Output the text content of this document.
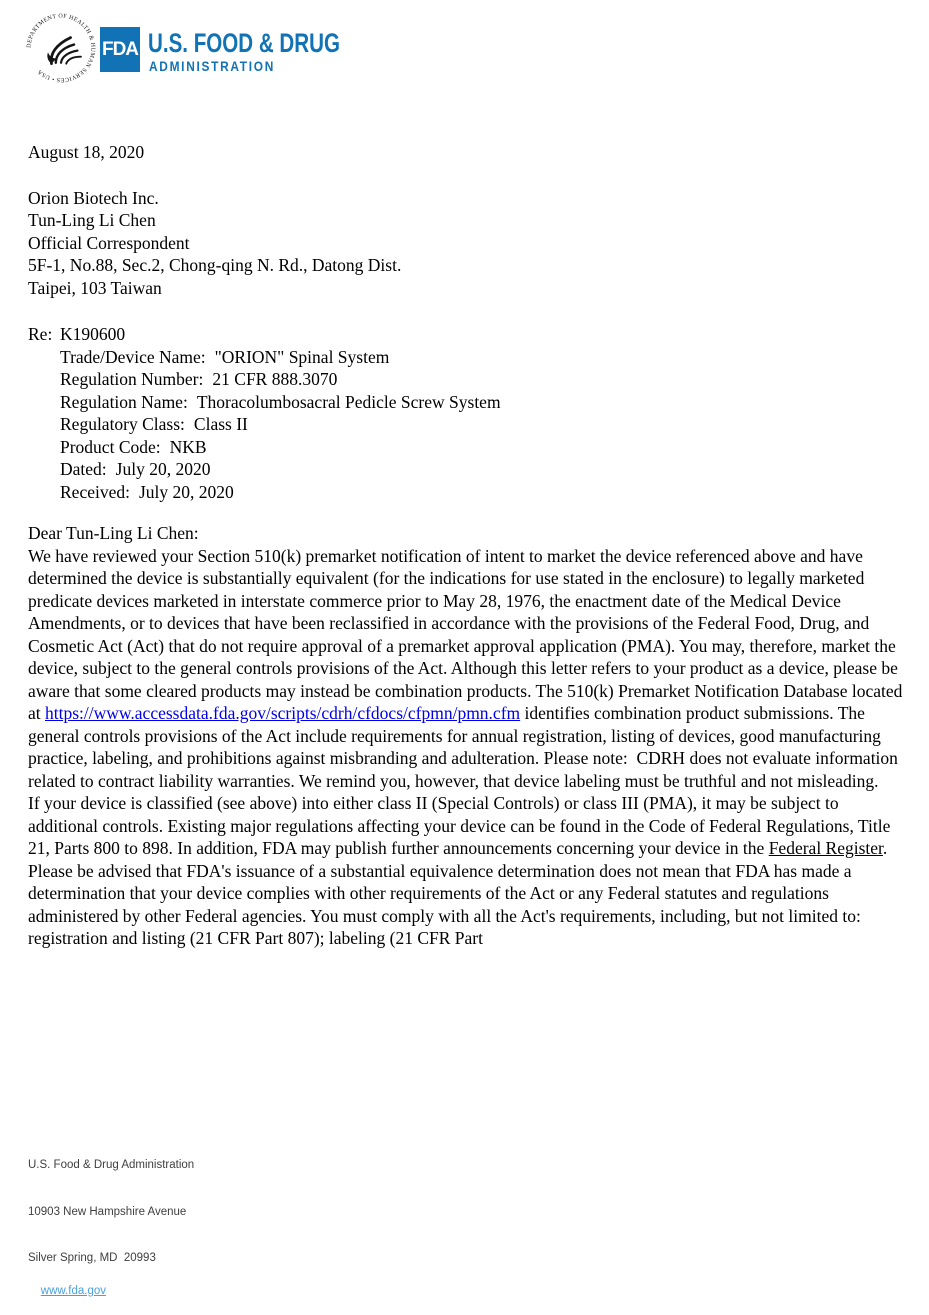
DEPARTMENT OF HEALTH & HUMAN SERVICES • USA
FDA U.S. FOOD & DRUG
ADMINISTRATION
August 18, 2020
Orion Biotech Inc.
Tun-Ling Li Chen
Official Correspondent
5F-1, No.88, Sec.2, Chong-qing N. Rd., Datong Dist.
Taipei, 103 Taiwan
Re: K190600
Trade/Device Name: "ORION" Spinal System
Regulation Number: 21 CFR 888.3070
Regulation Name: Thoracolumbosacral Pedicle Screw System
Regulatory Class: Class II
Product Code: NKB
Dated: July 20, 2020
Received: July 20, 2020
Dear Tun-Ling Li Chen:

We have reviewed your Section 510(k) premarket notification of intent to market the device referenced above and have determined the device is substantially equivalent (for the indications for use stated in the enclosure) to legally marketed predicate devices marketed in interstate commerce prior to May 28, 1976, the enactment date of the Medical Device Amendments, or to devices that have been reclassified in accordance with the provisions of the Federal Food, Drug, and Cosmetic Act (Act) that do not require approval of a premarket approval application (PMA). You may, therefore, market the device, subject to the general controls provisions of the Act. Although this letter refers to your product as a device, please be aware that some cleared products may instead be combination products. The 510(k) Premarket Notification Database located at https://www.accessdata.fda.gov/scripts/cdrh/cfdocs/cfpmn/pmn.cfm identifies combination product submissions. The general controls provisions of the Act include requirements for annual registration, listing of devices, good manufacturing practice, labeling, and prohibitions against misbranding and adulteration. Please note:  CDRH does not evaluate information related to contract liability warranties. We remind you, however, that device labeling must be truthful and not misleading.

If your device is classified (see above) into either class II (Special Controls) or class III (PMA), it may be subject to additional controls. Existing major regulations affecting your device can be found in the Code of Federal Regulations, Title 21, Parts 800 to 898. In addition, FDA may publish further announcements concerning your device in the Federal Register.

Please be advised that FDA's issuance of a substantial equivalence determination does not mean that FDA has made a determination that your device complies with other requirements of the Act or any Federal statutes and regulations administered by other Federal agencies. You must comply with all the Act's requirements, including, but not limited to: registration and listing (21 CFR Part 807); labeling (21 CFR Part

U.S. Food & Drug Administration

10903 New Hampshire Avenue

Silver Spring, MD  20993

www.fda.gov
